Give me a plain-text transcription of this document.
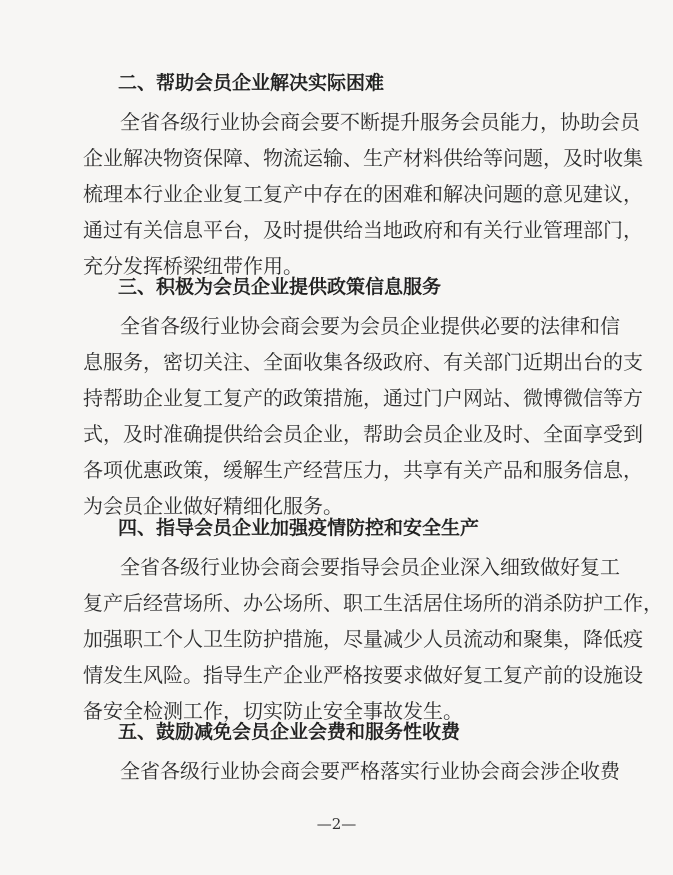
二、帮助会员企业解决实际困难
全省各级行业协会商会要不断提升服务会员能力，协助会员
企业解决物资保障、物流运输、生产材料供给等问题，及时收集
梳理本行业企业复工复产中存在的困难和解决问题的意见建议，
通过有关信息平台，及时提供给当地政府和有关行业管理部门，
充分发挥桥梁纽带作用。
三、积极为会员企业提供政策信息服务
全省各级行业协会商会要为会员企业提供必要的法律和信
息服务，密切关注、全面收集各级政府、有关部门近期出台的支
持帮助企业复工复产的政策措施，通过门户网站、微博微信等方
式，及时准确提供给会员企业，帮助会员企业及时、全面享受到
各项优惠政策，缓解生产经营压力，共享有关产品和服务信息，
为会员企业做好精细化服务。
四、指导会员企业加强疫情防控和安全生产
全省各级行业协会商会要指导会员企业深入细致做好复工
复产后经营场所、办公场所、职工生活居住场所的消杀防护工作，
加强职工个人卫生防护措施，尽量减少人员流动和聚集，降低疫
情发生风险。指导生产企业严格按要求做好复工复产前的设施设
备安全检测工作，切实防止安全事故发生。
五、鼓励减免会员企业会费和服务性收费
全省各级行业协会商会要严格落实行业协会商会涉企收费
—2—
